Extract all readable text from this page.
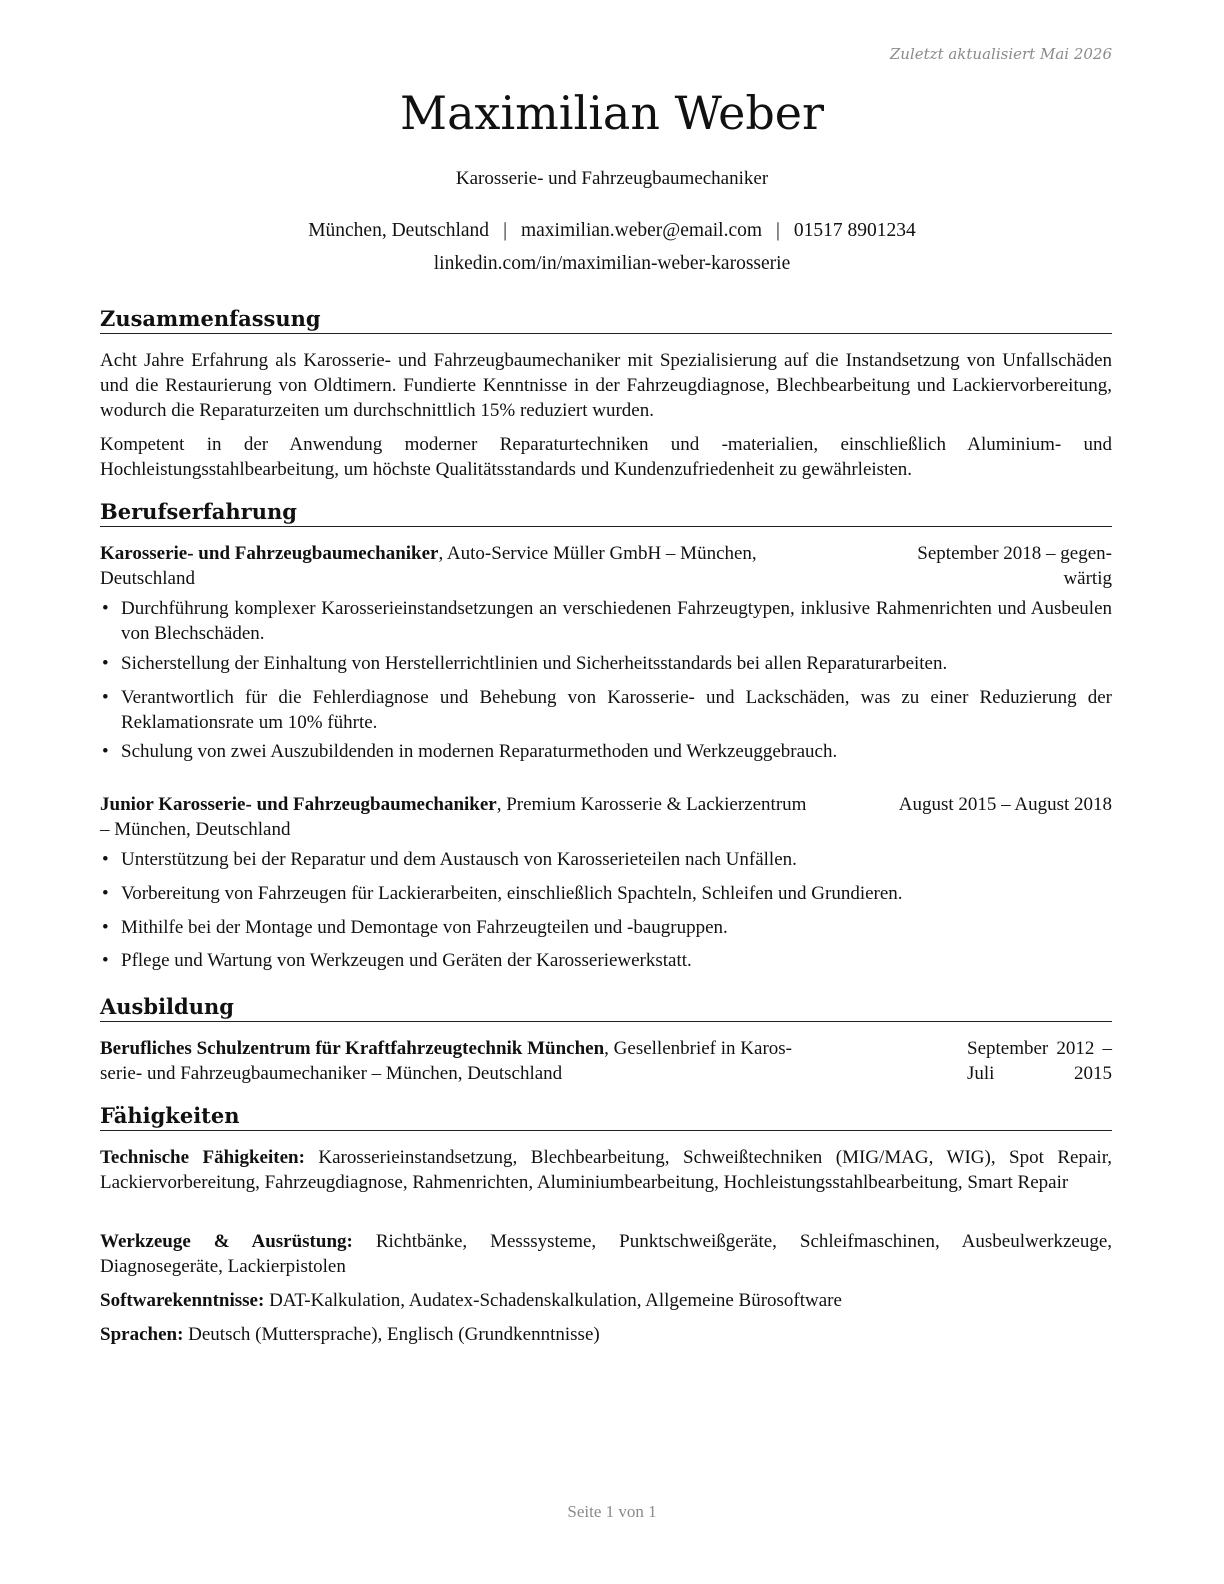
Zuletzt aktualisiert Mai 2026
Maximilian Weber
Karosserie- und Fahrzeugbaumechaniker
München, Deutschland | maximilian.weber@email.com | 01517 8901234
linkedin.com/in/maximilian-weber-karosserie
Zusammenfassung
Acht Jahre Erfahrung als Karosserie- und Fahrzeugbaumechaniker mit Spezialisierung auf die Instandsetzung von Unfallschäden und die Restaurierung von Oldtimern. Fundierte Kenntnisse in der Fahrzeugdiagnose, Blechbearbeitung und Lackiervorbereitung, wodurch die Reparaturzeiten um durchschnittlich 15% reduziert wurden.
Kompetent in der Anwendung moderner Reparaturtechniken und -materialien, einschließlich Aluminium- und Hochleistungsstahlbearbeitung, um höchste Qualitätsstandards und Kundenzufriedenheit zu gewährleisten.
Berufserfahrung
Karosserie- und Fahrzeugbaumechaniker, Auto-Service Müller GmbH – München,
Deutschland
September 2018 – gegen-
wärtig
• Durchführung komplexer Karosserieinstandsetzungen an verschiedenen Fahrzeugtypen, inklusive Rahmenrichten und Ausbeulen von Blechschäden.
• Sicherstellung der Einhaltung von Herstellerrichtlinien und Sicherheitsstandards bei allen Reparaturarbeiten.
• Verantwortlich für die Fehlerdiagnose und Behebung von Karosserie- und Lackschäden, was zu einer Reduzierung der Reklamationsrate um 10% führte.
• Schulung von zwei Auszubildenden in modernen Reparaturmethoden und Werkzeuggebrauch.
Junior Karosserie- und Fahrzeugbaumechaniker, Premium Karosserie & Lackierzentrum
– München, Deutschland
August 2015 – August 2018
• Unterstützung bei der Reparatur und dem Austausch von Karosserieteilen nach Unfällen.
• Vorbereitung von Fahrzeugen für Lackierarbeiten, einschließlich Spachteln, Schleifen und Grundieren.
• Mithilfe bei der Montage und Demontage von Fahrzeugteilen und -baugruppen.
• Pflege und Wartung von Werkzeugen und Geräten der Karosseriewerkstatt.
Ausbildung
Berufliches Schulzentrum für Kraftfahrzeugtechnik München, Gesellenbrief in Karos-
serie- und Fahrzeugbaumechaniker – München, Deutschland
September 2012 – Juli	2015
Fähigkeiten
Technische Fähigkeiten: Karosserieinstandsetzung, Blechbearbeitung, Schweißtechniken (MIG/MAG, WIG), Spot Repair, Lackiervorbereitung, Fahrzeugdiagnose, Rahmenrichten, Aluminiumbearbeitung, Hochleistungsstahlbearbeitung, Smart Repair
Werkzeuge & Ausrüstung: Richtbänke, Messsysteme, Punktschweißgeräte, Schleifmaschinen, Ausbeulwerkzeuge, Diagnosegeräte, Lackierpistolen
Softwarekenntnisse: DAT-Kalkulation, Audatex-Schadenskalkulation, Allgemeine Bürosoftware
Sprachen: Deutsch (Muttersprache), Englisch (Grundkenntnisse)
Seite 1 von 1
